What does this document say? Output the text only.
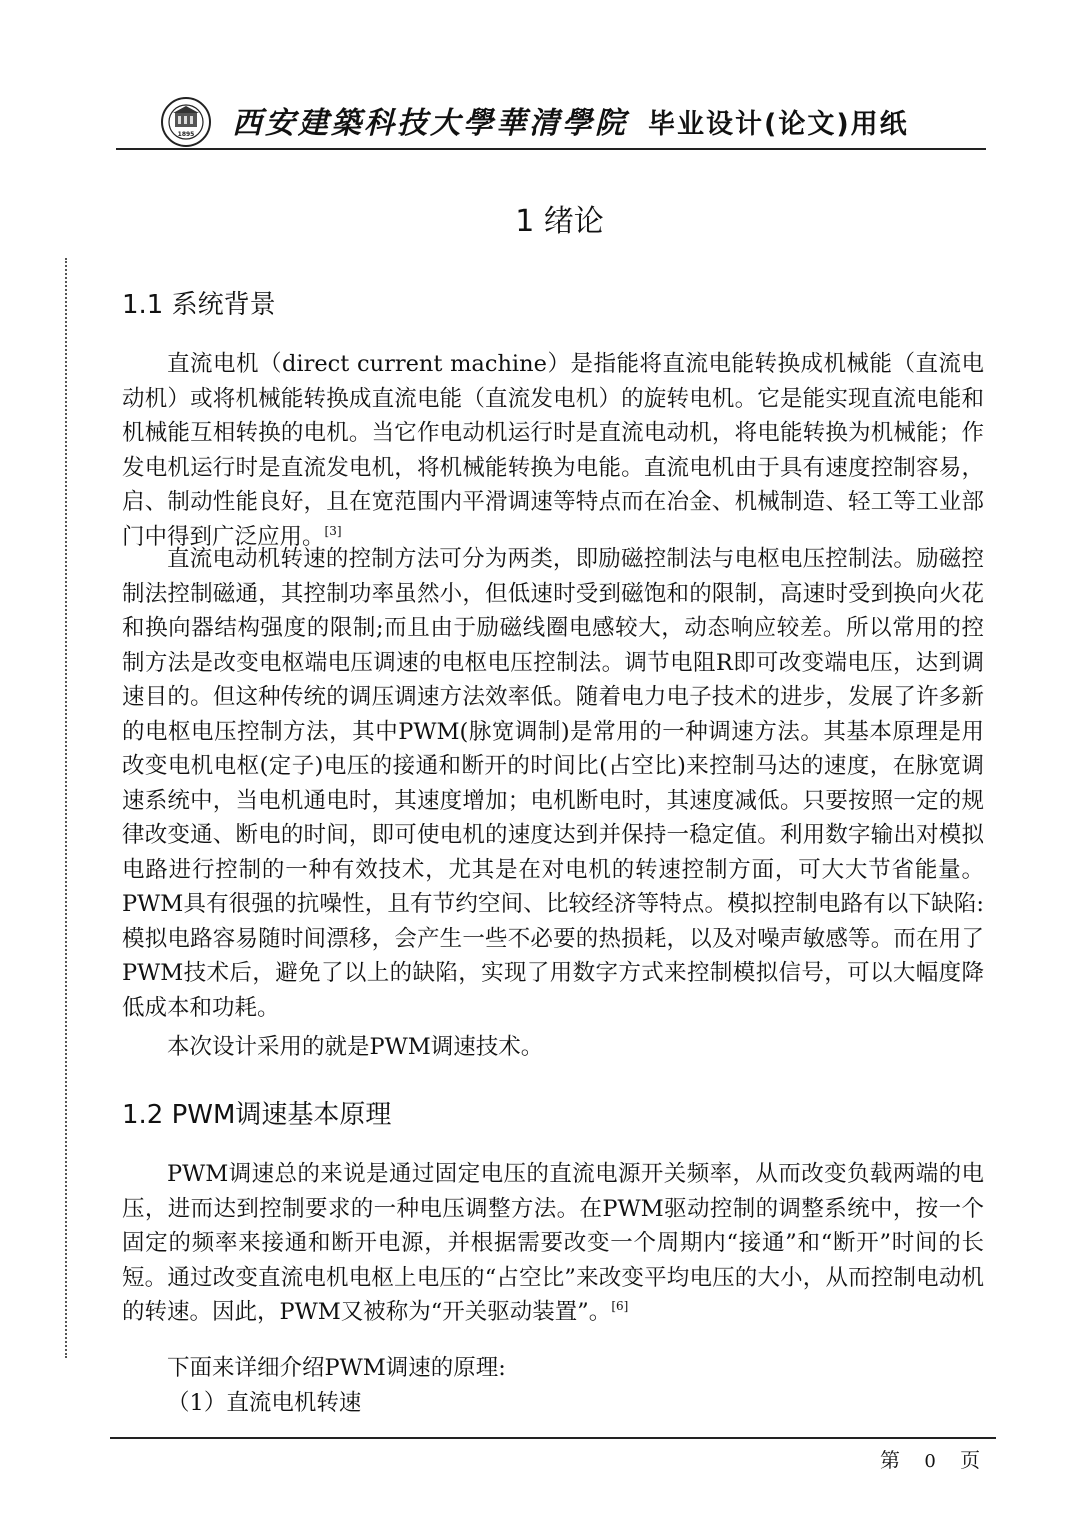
1895 西安建築科技大學華清學院 毕业设计(论文)用纸
1 绪论
1.1 系统背景

直流电机（direct current machine）是指能将直流电能转换成机械能（直流电动机）或将机械能转换成直流电能（直流发电机）的旋转电机。它是能实现直流电能和机械能互相转换的电机。当它作电动机运行时是直流电动机，将电能转换为机械能；作发电机运行时是直流发电机，将机械能转换为电能。直流电机由于具有速度控制容易，启、制动性能良好，且在宽范围内平滑调速等特点而在冶金、机械制造、轻工等工业部门中得到广泛应用。[3]

直流电动机转速的控制方法可分为两类，即励磁控制法与电枢电压控制法。励磁控制法控制磁通，其控制功率虽然小，但低速时受到磁饱和的限制，高速时受到换向火花和换向器结构强度的限制;而且由于励磁线圈电感较大，动态响应较差。所以常用的控制方法是改变电枢端电压调速的电枢电压控制法。调节电阻R即可改变端电压，达到调速目的。但这种传统的调压调速方法效率低。随着电力电子技术的进步，发展了许多新的电枢电压控制方法，其中PWM(脉宽调制)是常用的一种调速方法。其基本原理是用改变电机电枢(定子)电压的接通和断开的时间比(占空比)来控制马达的速度，在脉宽调速系统中，当电机通电时，其速度增加；电机断电时，其速度减低。只要按照一定的规律改变通、断电的时间，即可使电机的速度达到并保持一稳定值。利用数字输出对模拟电路进行控制的一种有效技术，尤其是在对电机的转速控制方面，可大大节省能量。PWM具有很强的抗噪性，且有节约空间、比较经济等特点。模拟控制电路有以下缺陷:模拟电路容易随时间漂移，会产生一些不必要的热损耗，以及对噪声敏感等。而在用了PWM技术后，避免了以上的缺陷，实现了用数字方式来控制模拟信号，可以大幅度降低成本和功耗。

本次设计采用的就是PWM调速技术。

1.2 PWM调速基本原理

PWM调速总的来说是通过固定电压的直流电源开关频率，从而改变负载两端的电压，进而达到控制要求的一种电压调整方法。在PWM驱动控制的调整系统中，按一个固定的频率来接通和断开电源，并根据需要改变一个周期内“接通”和“断开”时间的长短。通过改变直流电机电枢上电压的“占空比”来改变平均电压的大小，从而控制电动机的转速。因此，PWM又被称为“开关驱动装置”。[6]

下面来详细介绍PWM调速的原理:

（1）直流电机转速

第 0 页
